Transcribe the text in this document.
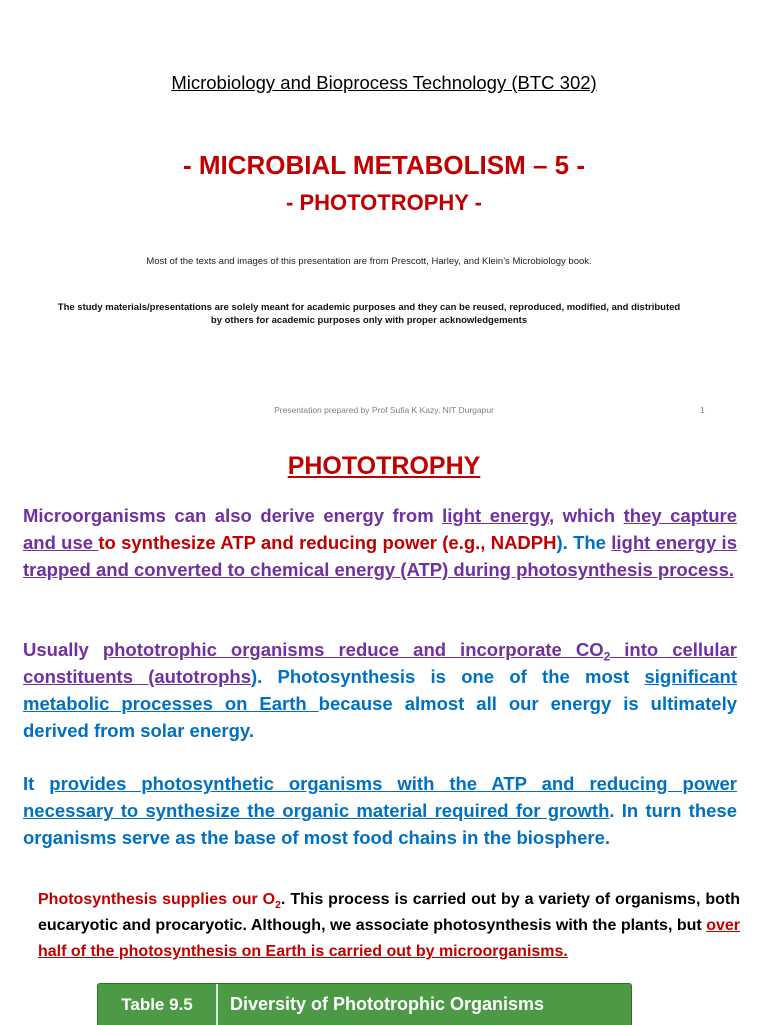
Microbiology and Bioprocess Technology (BTC 302)
- MICROBIAL METABOLISM – 5 -
- PHOTOTROPHY -
Most of the texts and images of this presentation are from Prescott, Harley, and Klein’s Microbiology book.
The study materials/presentations are solely meant for academic purposes and they can be reused, reproduced, modified, and distributed by others for academic purposes only with proper acknowledgements
Presentation prepared by Prof Sufia K Kazy, NIT Durgapur	1
PHOTOTROPHY
Microorganisms can also derive energy from light energy, which they capture and use to synthesize ATP and reducing power (e.g., NADPH). The light energy is trapped and converted to chemical energy (ATP) during photosynthesis process.
Usually phototrophic organisms reduce and incorporate $CO_2$ into cellular constituents (autotrophs). Photosynthesis is one of the most significant metabolic processes on Earth because almost all our energy is ultimately derived from solar energy.
It provides photosynthetic organisms with the ATP and reducing power necessary to synthesize the organic material required for growth. In turn these organisms serve as the base of most food chains in the biosphere.
Photosynthesis supplies our $O_2$. This process is carried out by a variety of organisms, both eucaryotic and procaryotic. Although, we associate photosynthesis with the plants, but over half of the photosynthesis on Earth is carried out by microorganisms.
Table 9.5	Diversity of Phototrophic Organisms
